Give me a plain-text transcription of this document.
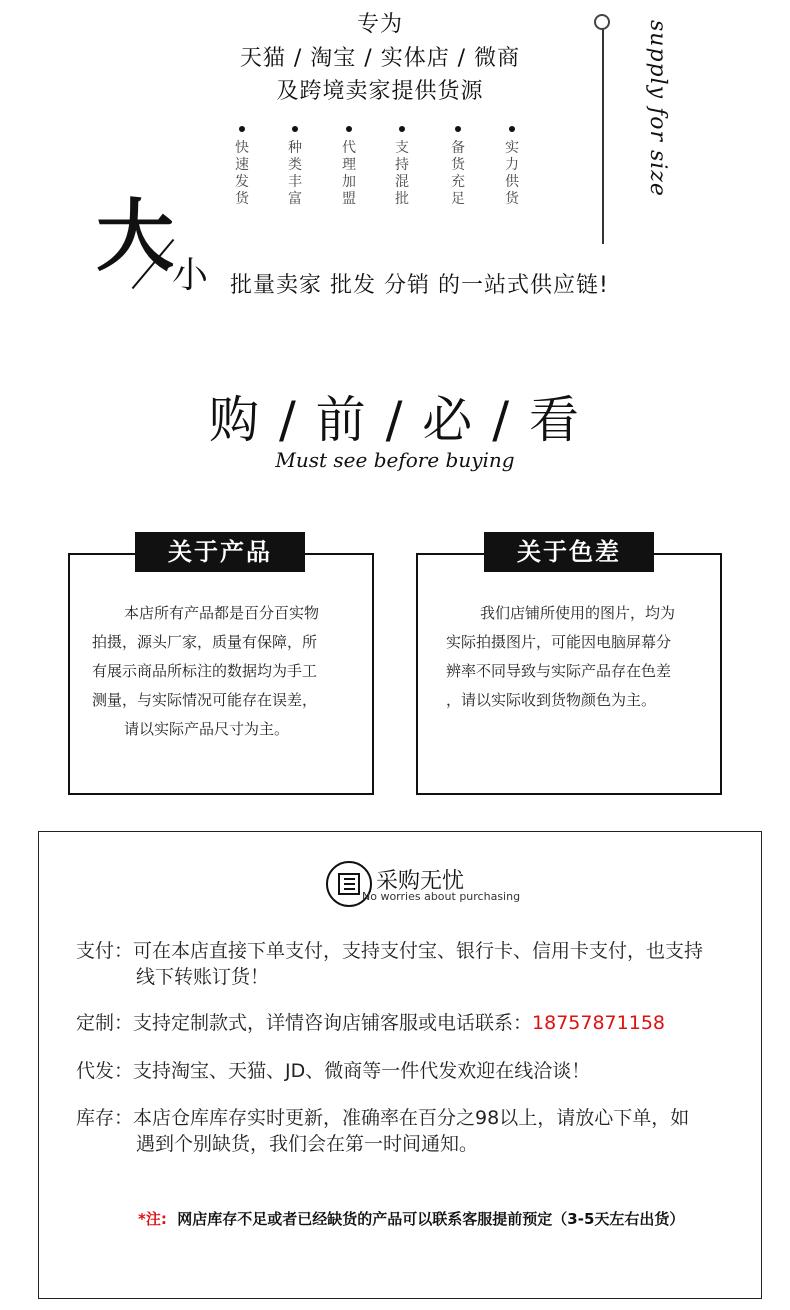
专为
天猫 / 淘宝 / 实体店 / 微商
及跨境卖家提供货源
快
速
发
货
种
类
丰
富
代
理
加
盟
支
持
混
批
备
货
充
足
实
力
供
货
supply for size
大
小 批量卖家 批发 分销 的一站式供应链!
购 / 前 / 必 / 看
Must see before buying

本店所有产品都是百分百实物

拍摄，源头厂家，质量有保障，所

有展示商品所标注的数据均为手工

测量，与实际情况可能存在误差，

请以实际产品尺寸为主。

关于产品

我们店铺所使用的图片，均为

实际拍摄图片，可能因电脑屏幕分

辨率不同导致与实际产品存在色差

，请以实际收到货物颜色为主。

关于色差
采购无忧
No worries about purchasing
支付：可在本店直接下单支付，支持支付宝、银行卡、信用卡支付，也支持
线下转账订货！
定制：支持定制款式，详情咨询店铺客服或电话联系：18757871158
代发：支持淘宝、天猫、JD、微商等一件代发欢迎在线洽谈！
库存：本店仓库库存实时更新，准确率在百分之98以上，请放心下单，如
遇到个别缺货，我们会在第一时间通知。
*注: 网店库存不足或者已经缺货的产品可以联系客服提前预定（3-5天左右出货）
